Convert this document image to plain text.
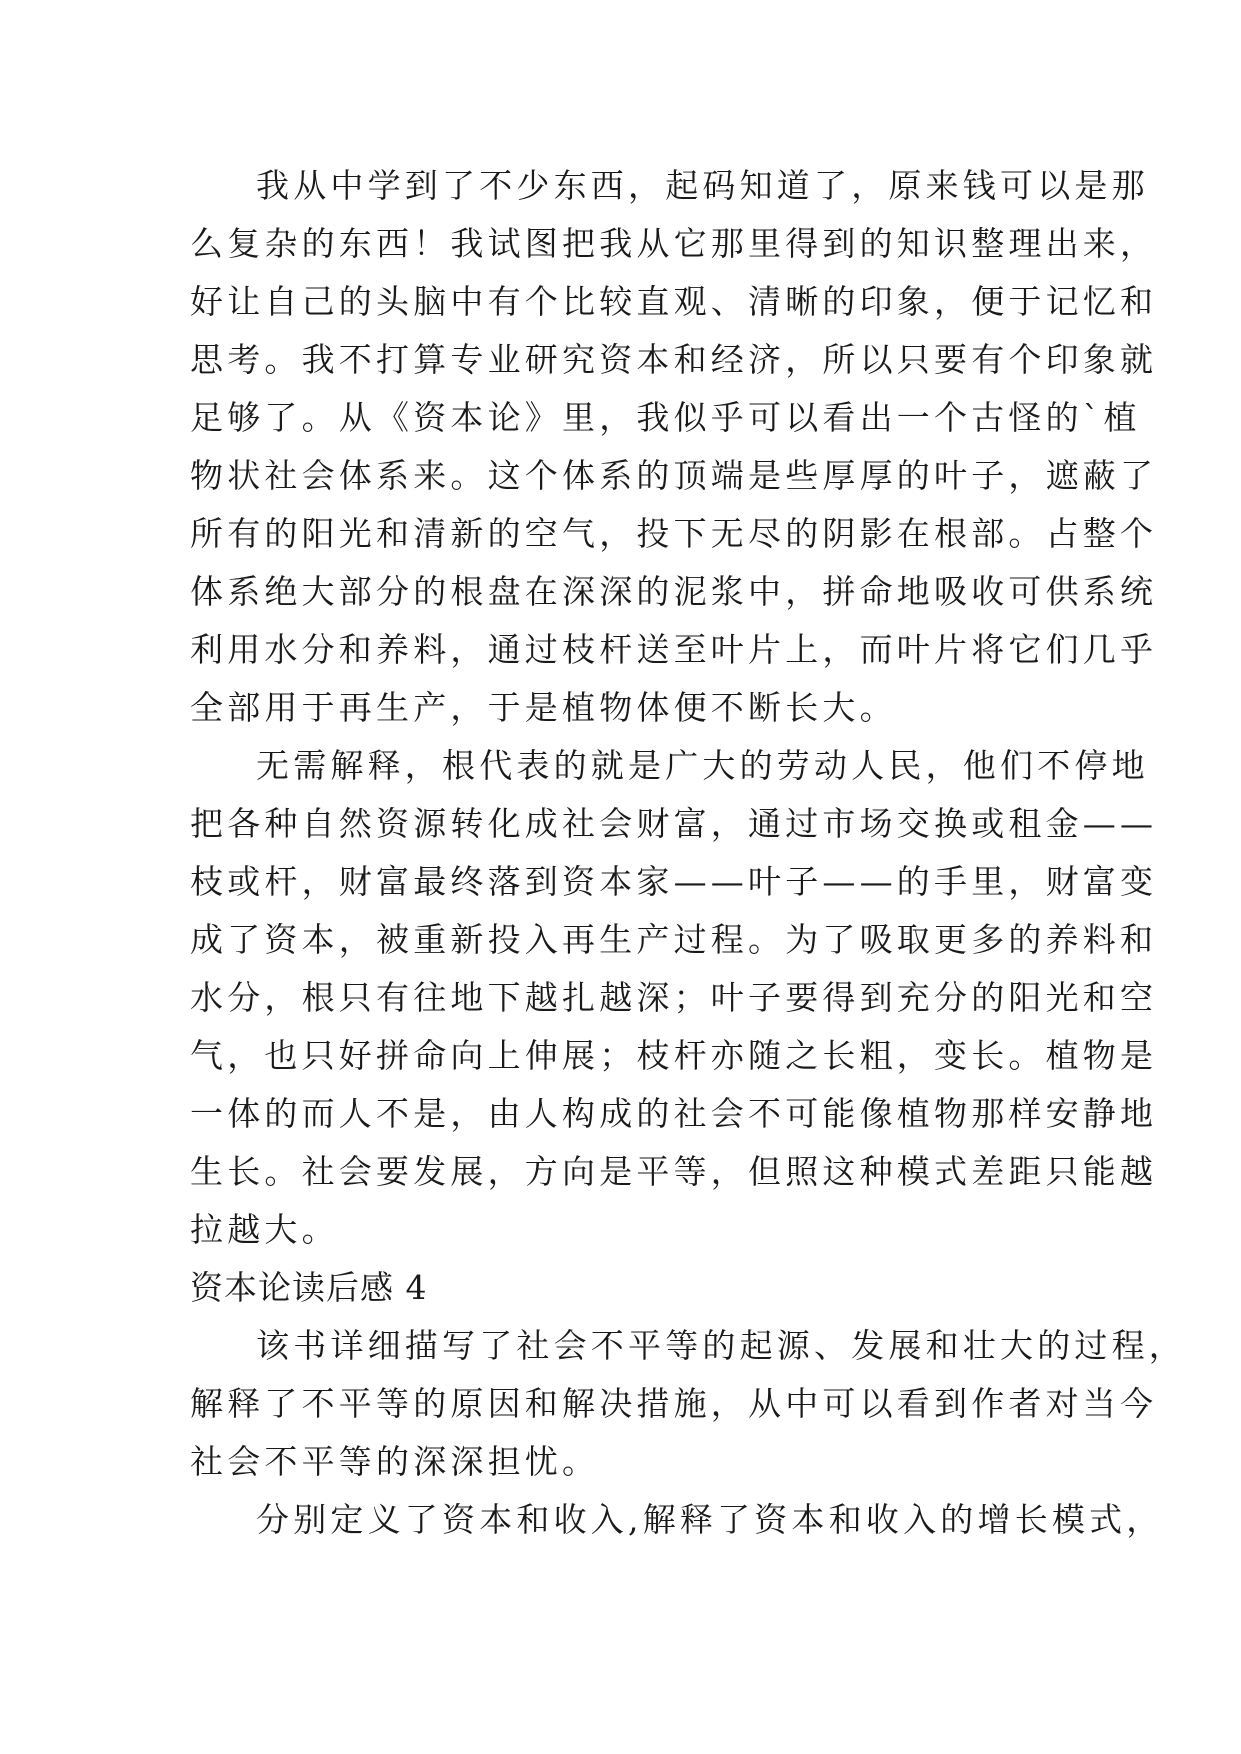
我从中学到了不少东西，起码知道了，原来钱可以是那
么复杂的东西！我试图把我从它那里得到的知识整理出来，
好让自己的头脑中有个比较直观、清晰的印象，便于记忆和
思考。我不打算专业研究资本和经济，所以只要有个印象就
足够了。从《资本论》里，我似乎可以看出一个古怪的`植
物状社会体系来。这个体系的顶端是些厚厚的叶子，遮蔽了
所有的阳光和清新的空气，投下无尽的阴影在根部。占整个
体系绝大部分的根盘在深深的泥浆中，拼命地吸收可供系统
利用水分和养料，通过枝杆送至叶片上，而叶片将它们几乎
全部用于再生产，于是植物体便不断长大。
无需解释，根代表的就是广大的劳动人民，他们不停地
把各种自然资源转化成社会财富，通过市场交换或租金——
枝或杆，财富最终落到资本家——叶子——的手里，财富变
成了资本，被重新投入再生产过程。为了吸取更多的养料和
水分，根只有往地下越扎越深；叶子要得到充分的阳光和空
气，也只好拼命向上伸展；枝杆亦随之长粗，变长。植物是
一体的而人不是，由人构成的社会不可能像植物那样安静地
生长。社会要发展，方向是平等，但照这种模式差距只能越
拉越大。
资本论读后感 4
该书详细描写了社会不平等的起源、发展和壮大的过程，
解释了不平等的原因和解决措施，从中可以看到作者对当今
社会不平等的深深担忧。
分别定义了资本和收入,解释了资本和收入的增长模式，
